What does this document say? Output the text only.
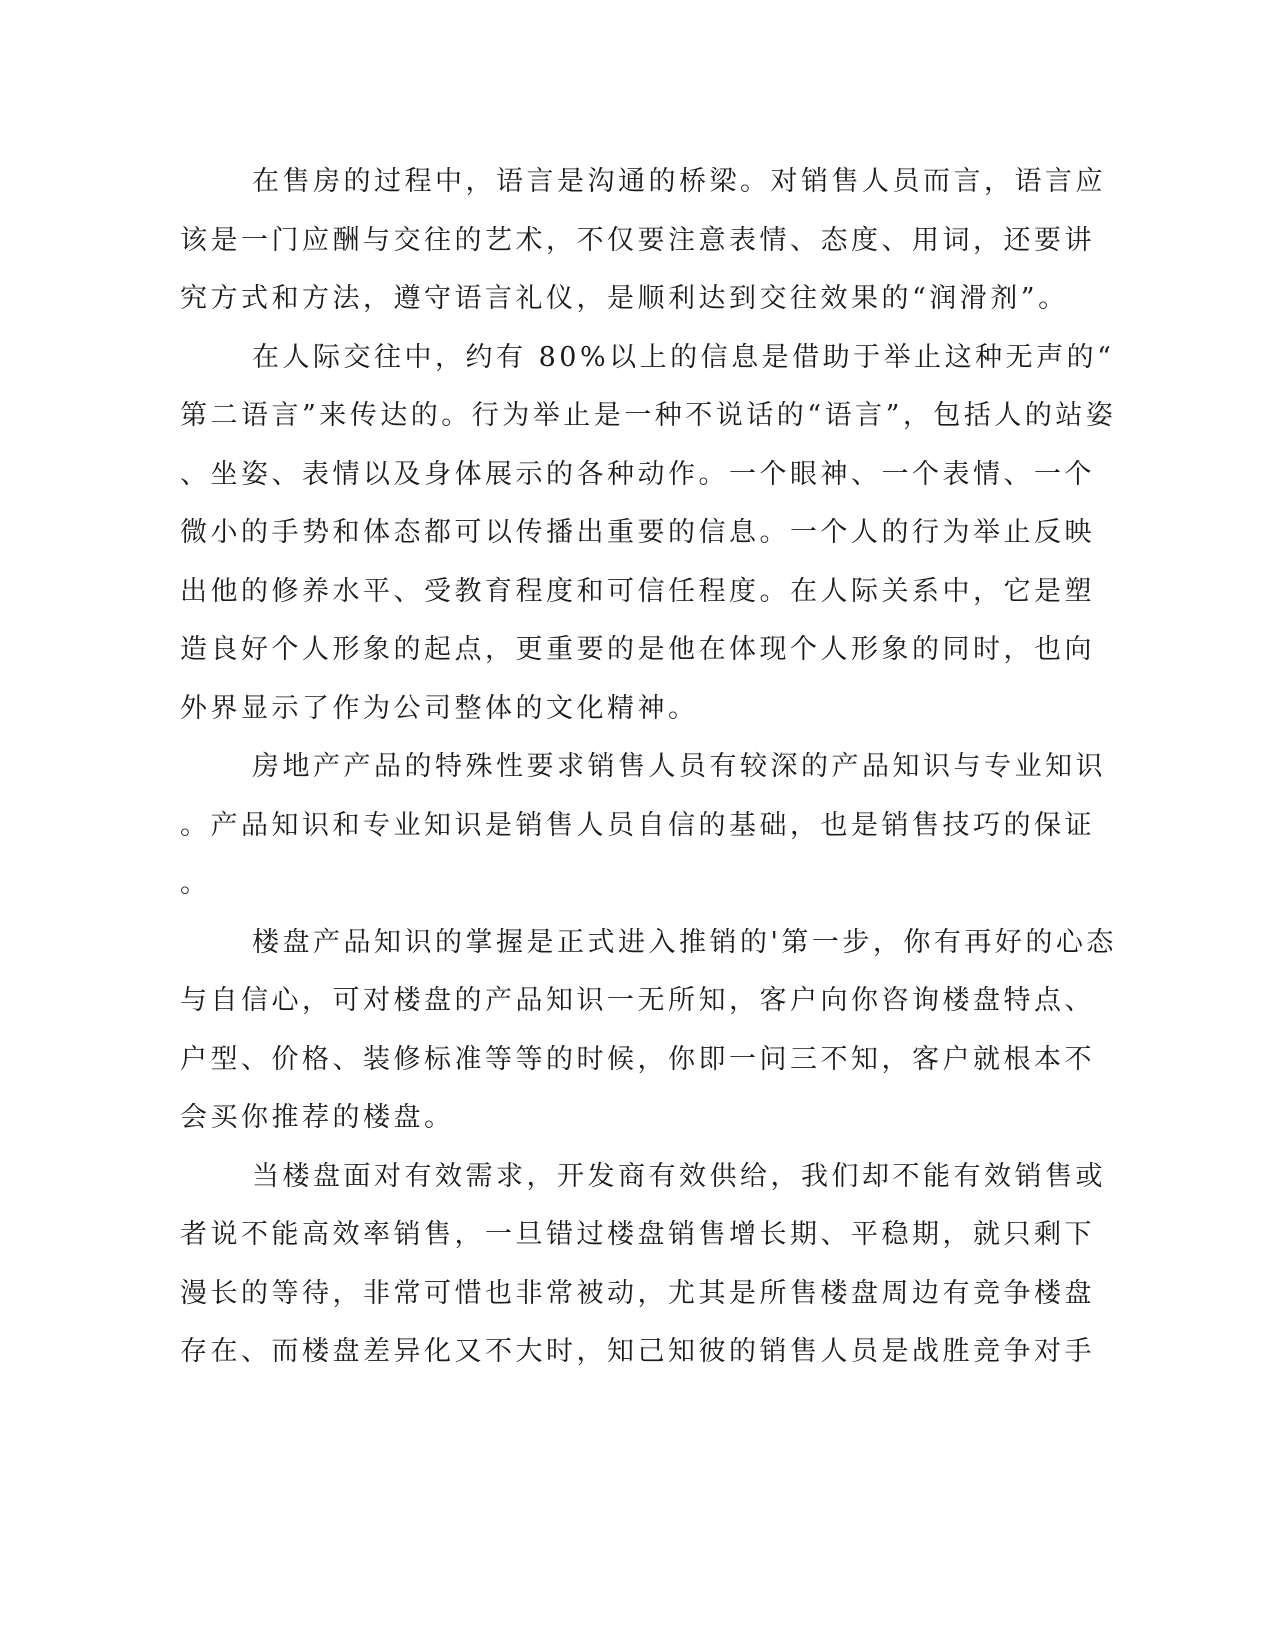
在售房的过程中，语言是沟通的桥梁。对销售人员而言，语言应
该是一门应酬与交往的艺术，不仅要注意表情、态度、用词，还要讲
究方式和方法，遵守语言礼仪，是顺利达到交往效果的“润滑剂”。
在人际交往中，约有 80%以上的信息是借助于举止这种无声的“
第二语言”来传达的。行为举止是一种不说话的“语言”，包括人的站姿
、坐姿、表情以及身体展示的各种动作。一个眼神、一个表情、一个
微小的手势和体态都可以传播出重要的信息。一个人的行为举止反映
出他的修养水平、受教育程度和可信任程度。在人际关系中，它是塑
造良好个人形象的起点，更重要的是他在体现个人形象的同时，也向
外界显示了作为公司整体的文化精神。
房地产产品的特殊性要求销售人员有较深的产品知识与专业知识
。产品知识和专业知识是销售人员自信的基础，也是销售技巧的保证
。
楼盘产品知识的掌握是正式进入推销的'第一步，你有再好的心态
与自信心，可对楼盘的产品知识一无所知，客户向你咨询楼盘特点、
户型、价格、装修标准等等的时候，你即一问三不知，客户就根本不
会买你推荐的楼盘。
当楼盘面对有效需求，开发商有效供给，我们却不能有效销售或
者说不能高效率销售，一旦错过楼盘销售增长期、平稳期，就只剩下
漫长的等待，非常可惜也非常被动，尤其是所售楼盘周边有竞争楼盘
存在、而楼盘差异化又不大时，知己知彼的销售人员是战胜竞争对手
